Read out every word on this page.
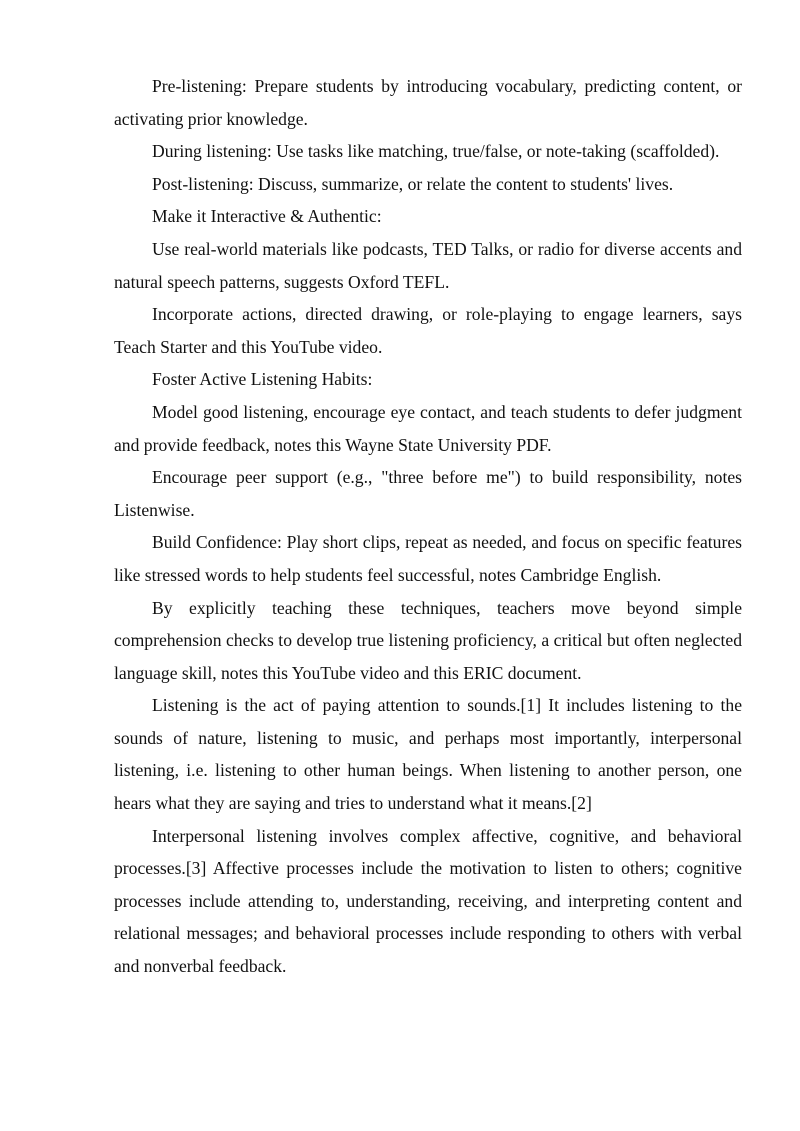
Pre-listening: Prepare students by introducing vocabulary, predicting content, or activating prior knowledge.

During listening: Use tasks like matching, true/false, or note-taking (scaffolded).

Post-listening: Discuss, summarize, or relate the content to students' lives.

Make it Interactive & Authentic:

Use real-world materials like podcasts, TED Talks, or radio for diverse accents and natural speech patterns, suggests Oxford TEFL.

Incorporate actions, directed drawing, or role-playing to engage learners, says Teach Starter and this YouTube video.

Foster Active Listening Habits:

Model good listening, encourage eye contact, and teach students to defer judgment and provide feedback, notes this Wayne State University PDF.

Encourage peer support (e.g., "three before me") to build responsibility, notes Listenwise.

Build Confidence: Play short clips, repeat as needed, and focus on specific features like stressed words to help students feel successful, notes Cambridge English.

By explicitly teaching these techniques, teachers move beyond simple comprehension checks to develop true listening proficiency, a critical but often neglected language skill, notes this YouTube video and this ERIC document.

Listening is the act of paying attention to sounds.[1] It includes listening to the sounds of nature, listening to music, and perhaps most importantly, interpersonal listening, i.e. listening to other human beings. When listening to another person, one hears what they are saying and tries to understand what it means.[2]

Interpersonal listening involves complex affective, cognitive, and behavioral processes.[3] Affective processes include the motivation to listen to others; cognitive processes include attending to, understanding, receiving, and interpreting content and relational messages; and behavioral processes include responding to others with verbal and nonverbal feedback.
